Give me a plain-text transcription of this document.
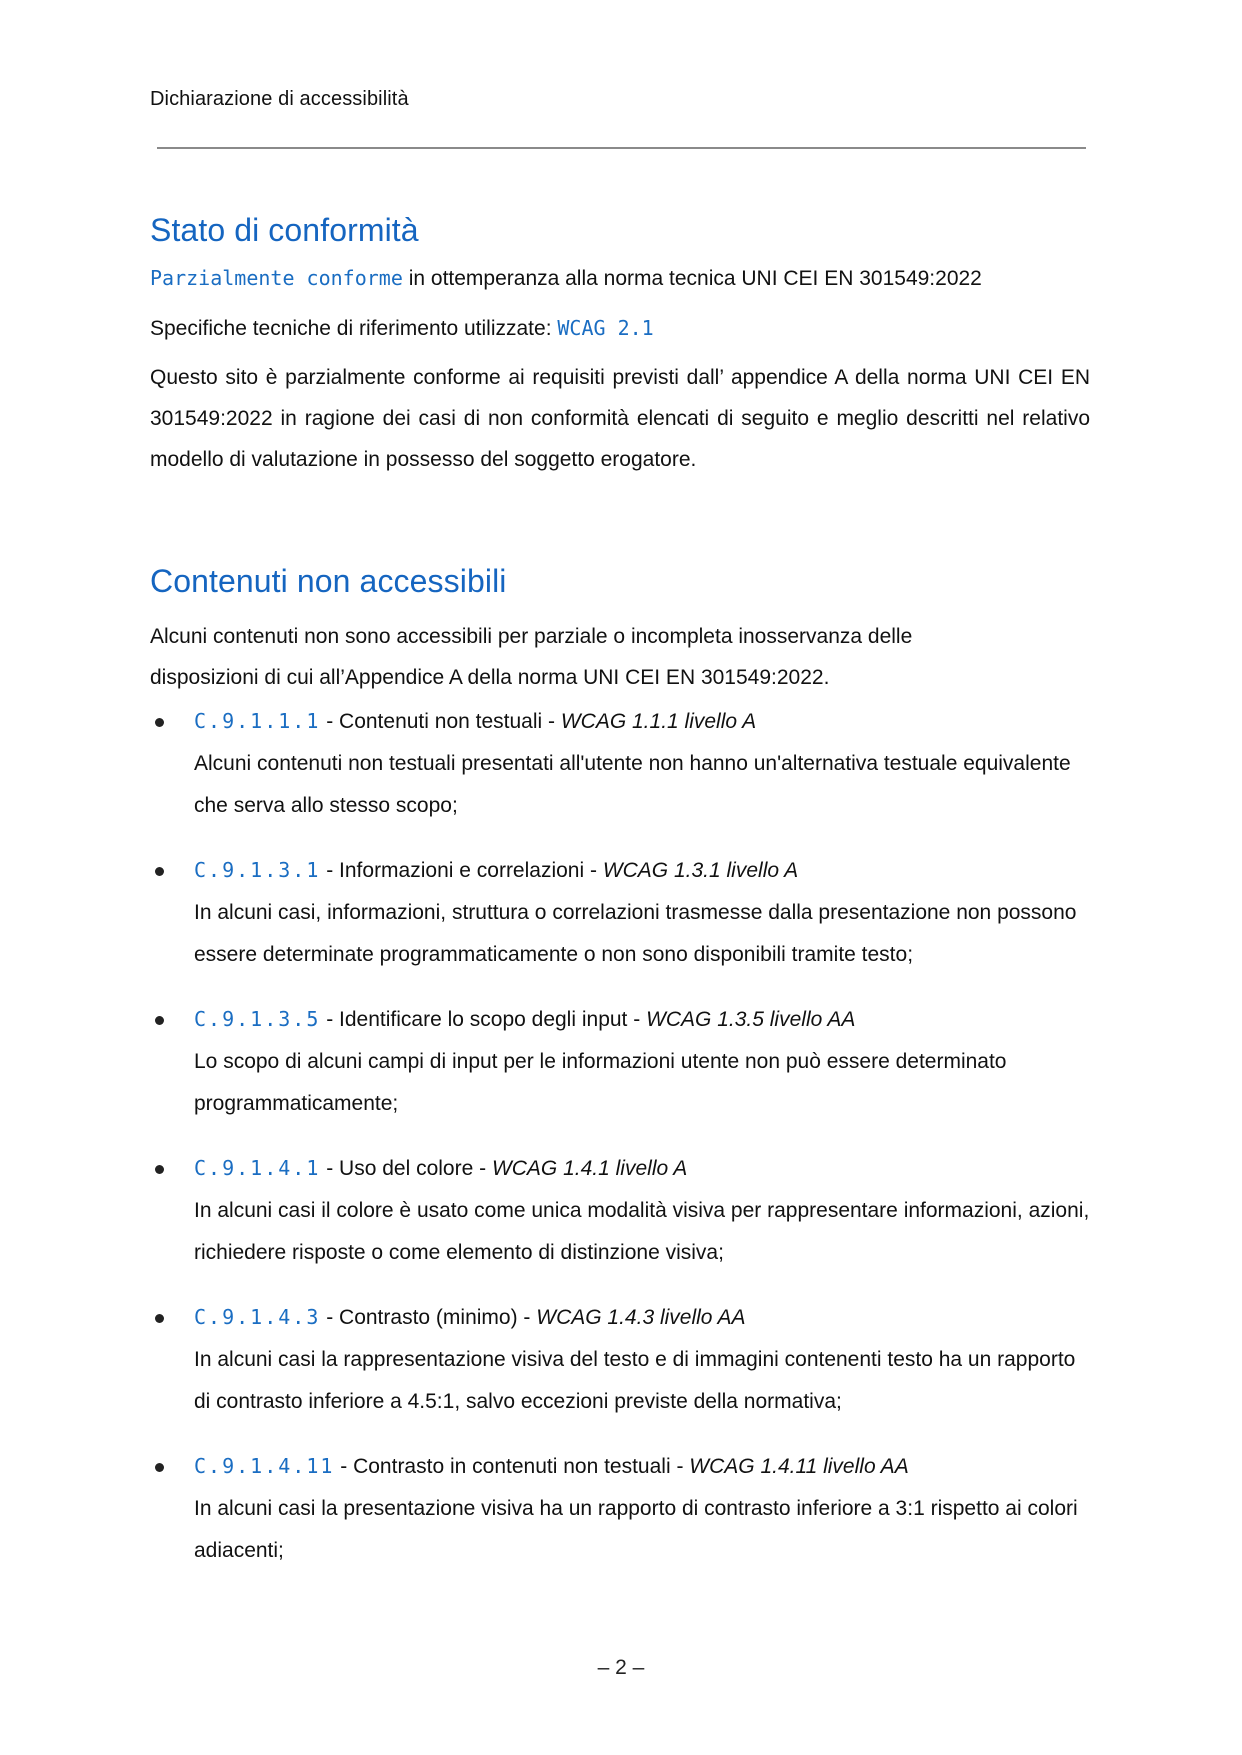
Dichiarazione di accessibilità
Stato di conformità
Parzialmente conforme in ottemperanza alla norma tecnica UNI CEI EN 301549:2022
Specifiche tecniche di riferimento utilizzate: WCAG 2.1
Questo sito è parzialmente conforme ai requisiti previsti dall’ appendice A della norma UNI CEI EN 301549:2022 in ragione dei casi di non conformità elencati di seguito e meglio descritti nel relativo modello di valutazione in possesso del soggetto erogatore.
Contenuti non accessibili
Alcuni contenuti non sono accessibili per parziale o incompleta inosservanza delle
disposizioni di cui all’Appendice A della norma UNI CEI EN 301549:2022.
C.9.1.1.1 - Contenuti non testuali - WCAG 1.1.1 livello A
Alcuni contenuti non testuali presentati all'utente non hanno un'alternativa testuale equivalente che serva allo stesso scopo;
C.9.1.3.1 - Informazioni e correlazioni - WCAG 1.3.1 livello A
In alcuni casi, informazioni, struttura o correlazioni trasmesse dalla presentazione non possono essere determinate programmaticamente o non sono disponibili tramite testo;
C.9.1.3.5 - Identificare lo scopo degli input - WCAG 1.3.5 livello AA
Lo scopo di alcuni campi di input per le informazioni utente non può essere determinato programmaticamente;
C.9.1.4.1 - Uso del colore - WCAG 1.4.1 livello A
In alcuni casi il colore è usato come unica modalità visiva per rappresentare informazioni, azioni, richiedere risposte o come elemento di distinzione visiva;
C.9.1.4.3 - Contrasto (minimo) - WCAG 1.4.3 livello AA
In alcuni casi la rappresentazione visiva del testo e di immagini contenenti testo ha un rapporto di contrasto inferiore a 4.5:1, salvo eccezioni previste della normativa;
C.9.1.4.11 - Contrasto in contenuti non testuali - WCAG 1.4.11 livello AA
In alcuni casi la presentazione visiva ha un rapporto di contrasto inferiore a 3:1 rispetto ai colori adiacenti;
– 2 –
